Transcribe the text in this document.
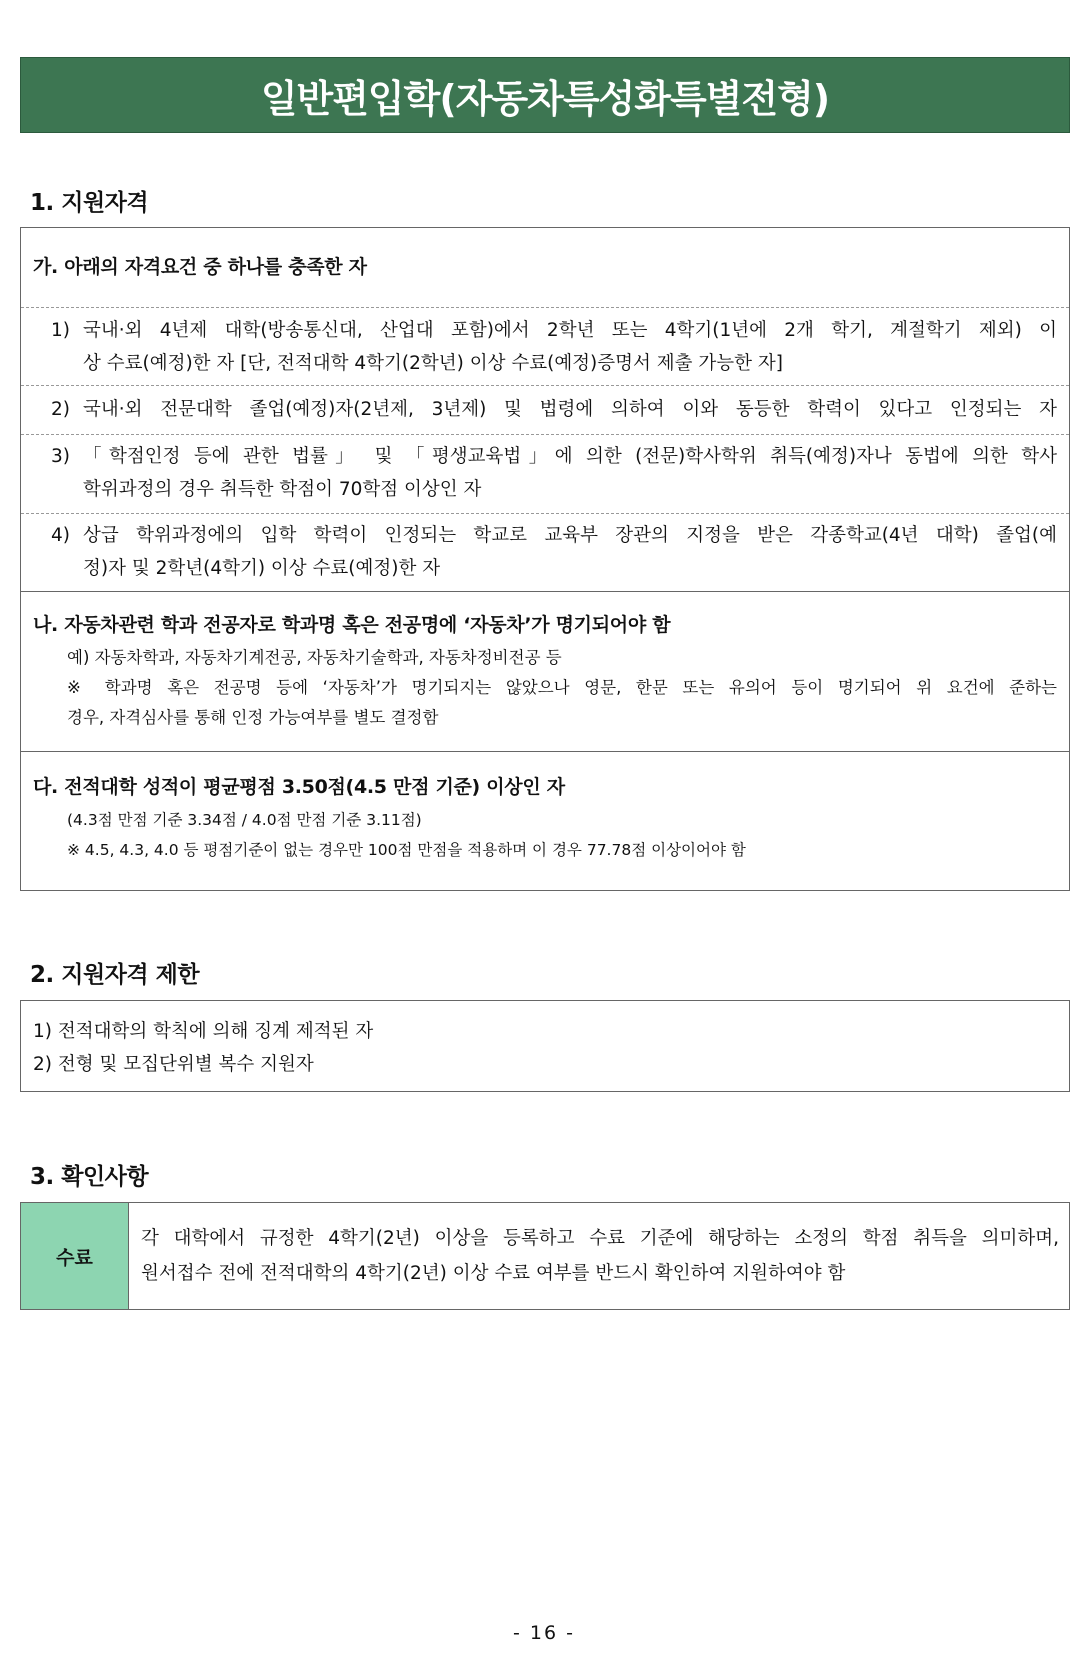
일반편입학(자동차특성화특별전형)
1. 지원자격
가. 아래의 자격요건 중 하나를 충족한 자
1) 국내·외 4년제 대학(방송통신대, 산업대 포함)에서 2학년 또는 4학기(1년에 2개 학기, 계절학기 제외) 이
상 수료(예정)한 자 [단, 전적대학 4학기(2학년) 이상 수료(예정)증명서 제출 가능한 자]
2) 국내·외 전문대학 졸업(예정)자(2년제, 3년제) 및 법령에 의하여 이와 동등한 학력이 있다고 인정되는 자
3) 「학점인정 등에 관한 법률」 및 「평생교육법」에 의한 (전문)학사학위 취득(예정)자나 동법에 의한 학사
학위과정의 경우 취득한 학점이 70학점 이상인 자
4) 상급 학위과정에의 입학 학력이 인정되는 학교로 교육부 장관의 지정을 받은 각종학교(4년 대학) 졸업(예
정)자 및 2학년(4학기) 이상 수료(예정)한 자
나. 자동차관련 학과 전공자로 학과명 혹은 전공명에 ‘자동차’가 명기되어야 함
예) 자동차학과, 자동차기계전공, 자동차기술학과, 자동차정비전공 등
※ 학과명 혹은 전공명 등에 ‘자동차’가 명기되지는 않았으나 영문, 한문 또는 유의어 등이 명기되어 위 요건에 준하는
경우, 자격심사를 통해 인정 가능여부를 별도 결정함
다. 전적대학 성적이 평균평점 3.50점(4.5 만점 기준) 이상인 자
(4.3점 만점 기준 3.34점 / 4.0점 만점 기준 3.11점)
※ 4.5, 4.3, 4.0 등 평점기준이 없는 경우만 100점 만점을 적용하며 이 경우 77.78점 이상이어야 함
2. 지원자격 제한
1) 전적대학의 학칙에 의해 징계 제적된 자
2) 전형 및 모집단위별 복수 지원자
3. 확인사항
수료
각 대학에서 규정한 4학기(2년) 이상을 등록하고 수료 기준에 해당하는 소정의 학점 취득을 의미하며,
원서접수 전에 전적대학의 4학기(2년) 이상 수료 여부를 반드시 확인하여 지원하여야 함
- 16 -
